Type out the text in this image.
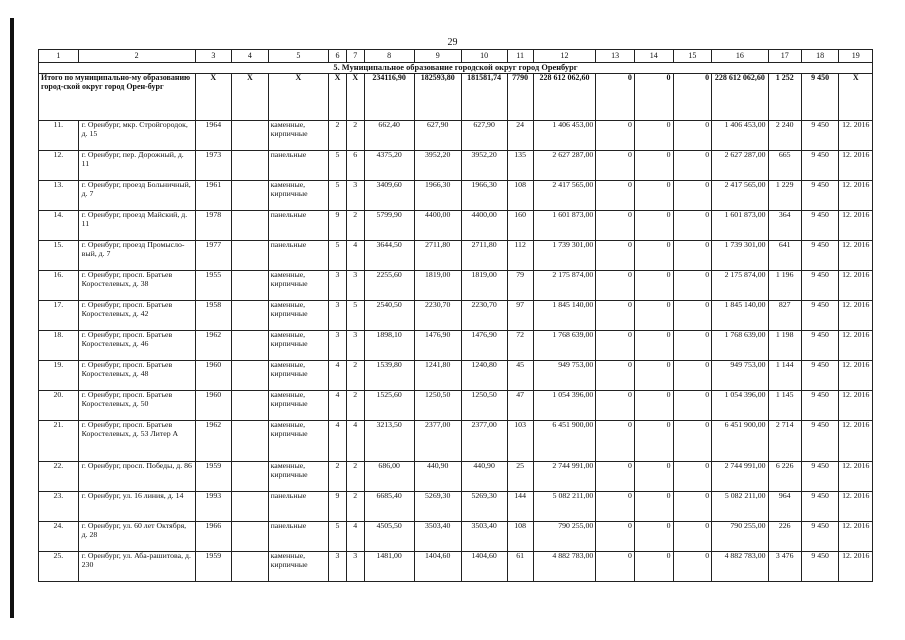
29
1	2	3	4	5	6	7	8	9	10	11	12	13	14	15	16	17	18	19
5. Муниципальное образование городской округ город Оренбург																		
Итого по муниципально-му образованию город-ской округ город Орен-бург		Х	Х	Х	Х	Х	234116,90	182593,80	181581,74	7790	228 612 062,60	0	0	0	228 612 062,60	1 252	9 450	Х
11.	г. Оренбург, мкр. Стройгородок, д. 15	1964		каменные, кирпичные	2	2	662,40	627,90	627,90	24	1 406 453,00	0	0	0	1 406 453,00	2 240	9 450	12. 2016
12.	г. Оренбург, пер. Дорожный, д. 11	1973		панельные	5	6	4375,20	3952,20	3952,20	135	2 627 287,00	0	0	0	2 627 287,00	665	9 450	12. 2016
13.	г. Оренбург, проезд Больничный, д. 7	1961		каменные, кирпичные	5	3	3409,60	1966,30	1966,30	108	2 417 565,00	0	0	0	2 417 565,00	1 229	9 450	12. 2016
14.	г. Оренбург, проезд Майский, д. 11	1978		панельные	9	2	5799,90	4400,00	4400,00	160	1 601 873,00	0	0	0	1 601 873,00	364	9 450	12. 2016
15.	г. Оренбург, проезд Промысло-вый, д. 7	1977		панельные	5	4	3644,50	2711,80	2711,80	112	1 739 301,00	0	0	0	1 739 301,00	641	9 450	12. 2016
16.	г. Оренбург, просп. Братьев Коростелевых, д. 38	1955		каменные, кирпичные	3	3	2255,60	1819,00	1819,00	79	2 175 874,00	0	0	0	2 175 874,00	1 196	9 450	12. 2016
17.	г. Оренбург, просп. Братьев Коростелевых, д. 42	1958		каменные, кирпичные	3	5	2540,50	2230,70	2230,70	97	1 845 140,00	0	0	0	1 845 140,00	827	9 450	12. 2016
18.	г. Оренбург, просп. Братьев Коростелевых, д. 46	1962		каменные, кирпичные	3	3	1898,10	1476,90	1476,90	72	1 768 639,00	0	0	0	1 768 639,00	1 198	9 450	12. 2016
19.	г. Оренбург, просп. Братьев Коростелевых, д. 48	1960		каменные, кирпичные	4	2	1539,80	1241,80	1240,80	45	949 753,00	0	0	0	949 753,00	1 144	9 450	12. 2016
20.	г. Оренбург, просп. Братьев Коростелевых, д. 50	1960		каменные, кирпичные	4	2	1525,60	1250,50	1250,50	47	1 054 396,00	0	0	0	1 054 396,00	1 145	9 450	12. 2016
21.	г. Оренбург, просп. Братьев Коростелевых, д. 53 Литер А	1962		каменные, кирпичные	4	4	3213,50	2377,00	2377,00	103	6 451 900,00	0	0	0	6 451 900,00	2 714	9 450	12. 2016
22.	г. Оренбург, просп. Победы, д. 86	1959		каменные, кирпичные	2	2	686,00	440,90	440,90	25	2 744 991,00	0	0	0	2 744 991,00	6 226	9 450	12. 2016
23.	г. Оренбург, ул. 16 линия, д. 14	1993		панельные	9	2	6685,40	5269,30	5269,30	144	5 082 211,00	0	0	0	5 082 211,00	964	9 450	12. 2016
24.	г. Оренбург, ул. 60 лет Октября, д. 28	1966		панельные	5	4	4505,50	3503,40	3503,40	108	790 255,00	0	0	0	790 255,00	226	9 450	12. 2016
25.	г. Оренбург, ул. Аба-рашитова, д. 230	1959		каменные, кирпичные	3	3	1481,00	1404,60	1404,60	61	4 882 783,00	0	0	0	4 882 783,00	3 476	9 450	12. 2016
